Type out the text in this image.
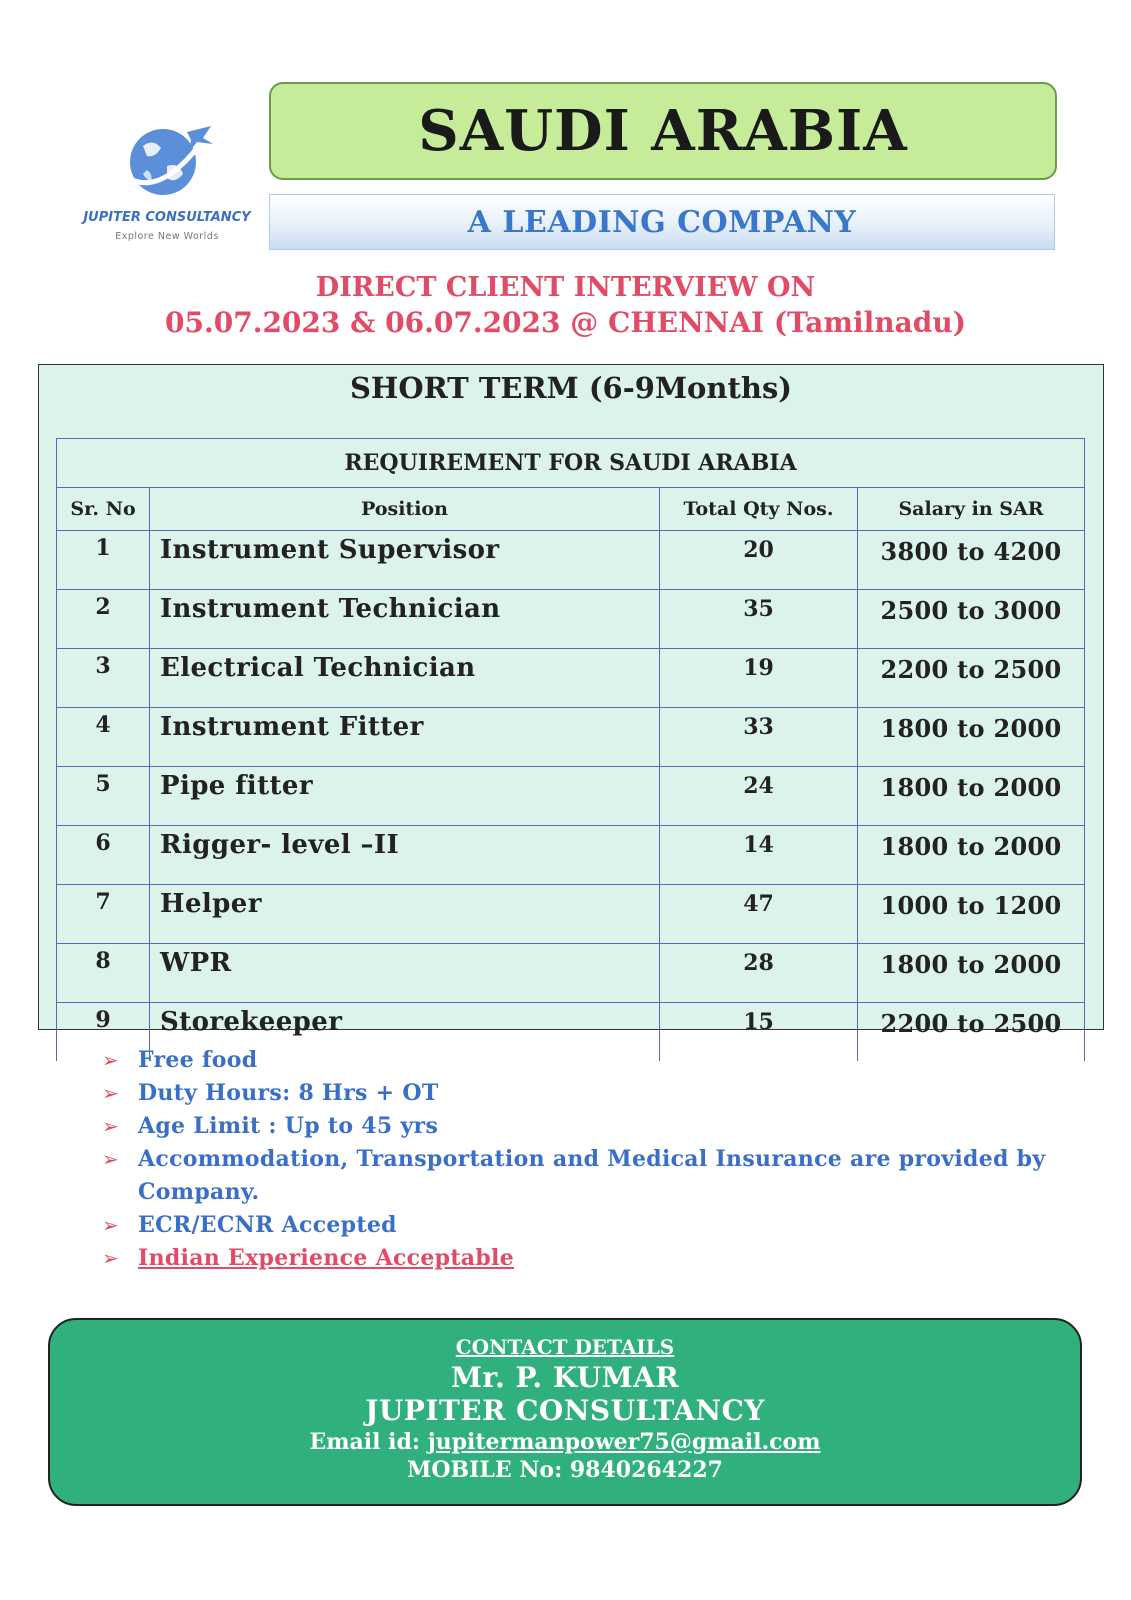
JUPITER CONSULTANCY
Explore New Worlds
SAUDI ARABIA
A LEADING COMPANY
DIRECT CLIENT INTERVIEW ON
05.07.2023 & 06.07.2023 @ CHENNAI (Tamilnadu)
SHORT TERM (6-9Months)
REQUIREMENT FOR SAUDI ARABIA			
Sr. No	Position	Total Qty Nos.	Salary in SAR
1	Instrument Supervisor	20	3800 to 4200
2	Instrument Technician	35	2500 to 3000
3	Electrical Technician	19	2200 to 2500
4	Instrument Fitter	33	1800 to 2000
5	Pipe fitter	24	1800 to 2000
6	Rigger- level –II	14	1800 to 2000
7	Helper	47	1000 to 1200
8	WPR	28	1800 to 2000
9	Storekeeper	15	2200 to 2500
➢ Free food
➢ Duty Hours: 8 Hrs + OT
➢ Age Limit : Up to 45 yrs
➢ Accommodation, Transportation and Medical Insurance are provided by Company.
➢ ECR/ECNR Accepted
➢ Indian Experience Acceptable
CONTACT DETAILS
Mr. P. KUMAR
JUPITER CONSULTANCY
Email id: jupitermanpower75@gmail.com
MOBILE No: 9840264227
